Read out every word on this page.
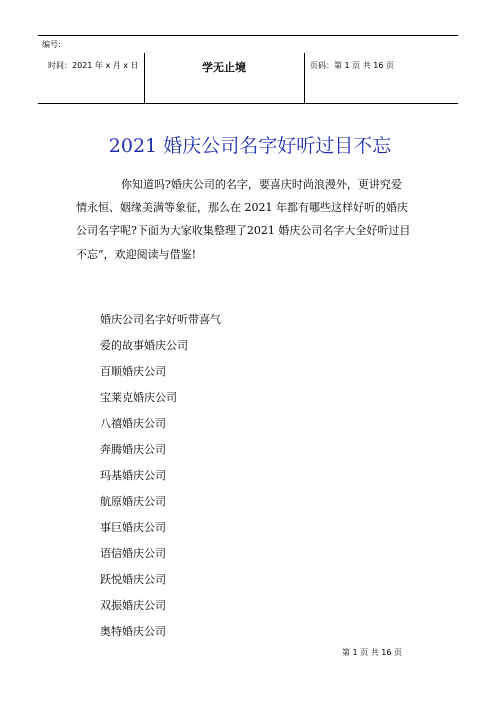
编号:
时间：2021 年 x 月 x 日	学无止境	页码：第 1 页 共 16 页
2021 婚庆公司名字好听过目不忘
你知道吗?婚庆公司的名字，要喜庆时尚浪漫外，更讲究爱
情永恒、姻缘美满等象征，那么在 2021 年都有哪些这样好听的婚庆
公司名字呢?下面为大家收集整理了2021 婚庆公司名字大全好听过目
不忘”，欢迎阅读与借鉴!
婚庆公司名字好听带喜气
爱的故事婚庆公司
百顺婚庆公司
宝莱克婚庆公司
八禧婚庆公司
奔腾婚庆公司
玛基婚庆公司
航原婚庆公司
事巨婚庆公司
语信婚庆公司
跃悦婚庆公司
双振婚庆公司
奥特婚庆公司
第 1 页 共 16 页
